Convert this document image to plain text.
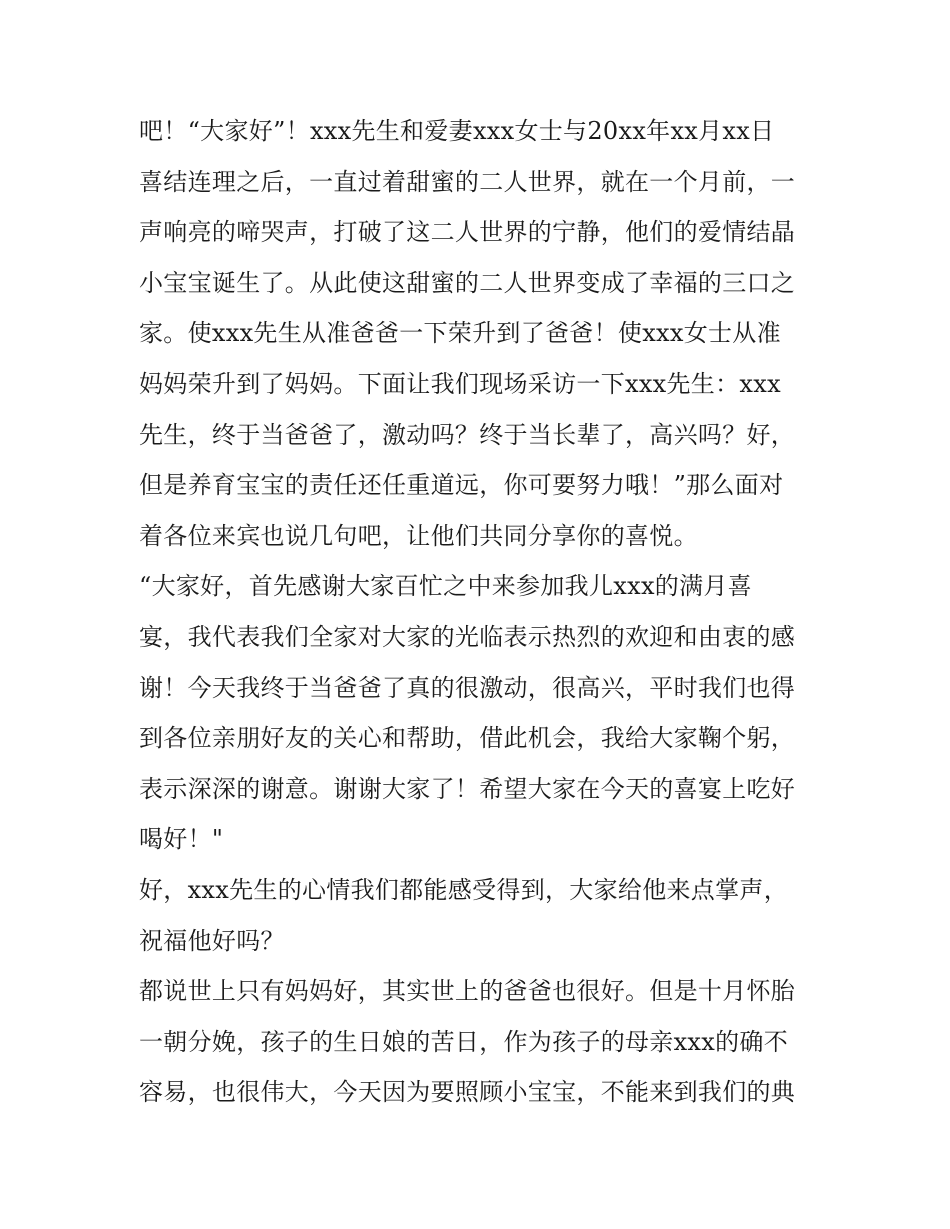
吧！“大家好”！xxx先生和爱妻xxx女士与20xx年xx月xx日
喜结连理之后，一直过着甜蜜的二人世界，就在一个月前，一
声响亮的啼哭声，打破了这二人世界的宁静，他们的爱情结晶
小宝宝诞生了。从此使这甜蜜的二人世界变成了幸福的三口之
家。使xxx先生从准爸爸一下荣升到了爸爸！使xxx女士从准
妈妈荣升到了妈妈。下面让我们现场采访一下xxx先生：xxx
先生，终于当爸爸了，激动吗？终于当长辈了，高兴吗？好，
但是养育宝宝的责任还任重道远，你可要努力哦！”那么面对
着各位来宾也说几句吧，让他们共同分享你的喜悦。
“大家好，首先感谢大家百忙之中来参加我儿xxx的满月喜
宴，我代表我们全家对大家的光临表示热烈的欢迎和由衷的感
谢！今天我终于当爸爸了真的很激动，很高兴，平时我们也得
到各位亲朋好友的关心和帮助，借此机会，我给大家鞠个躬，
表示深深的谢意。谢谢大家了！希望大家在今天的喜宴上吃好
喝好！"
好，xxx先生的心情我们都能感受得到，大家给他来点掌声，
祝福他好吗？
都说世上只有妈妈好，其实世上的爸爸也很好。但是十月怀胎
一朝分娩，孩子的生日娘的苦日，作为孩子的母亲xxx的确不
容易，也很伟大，今天因为要照顾小宝宝，不能来到我们的典
